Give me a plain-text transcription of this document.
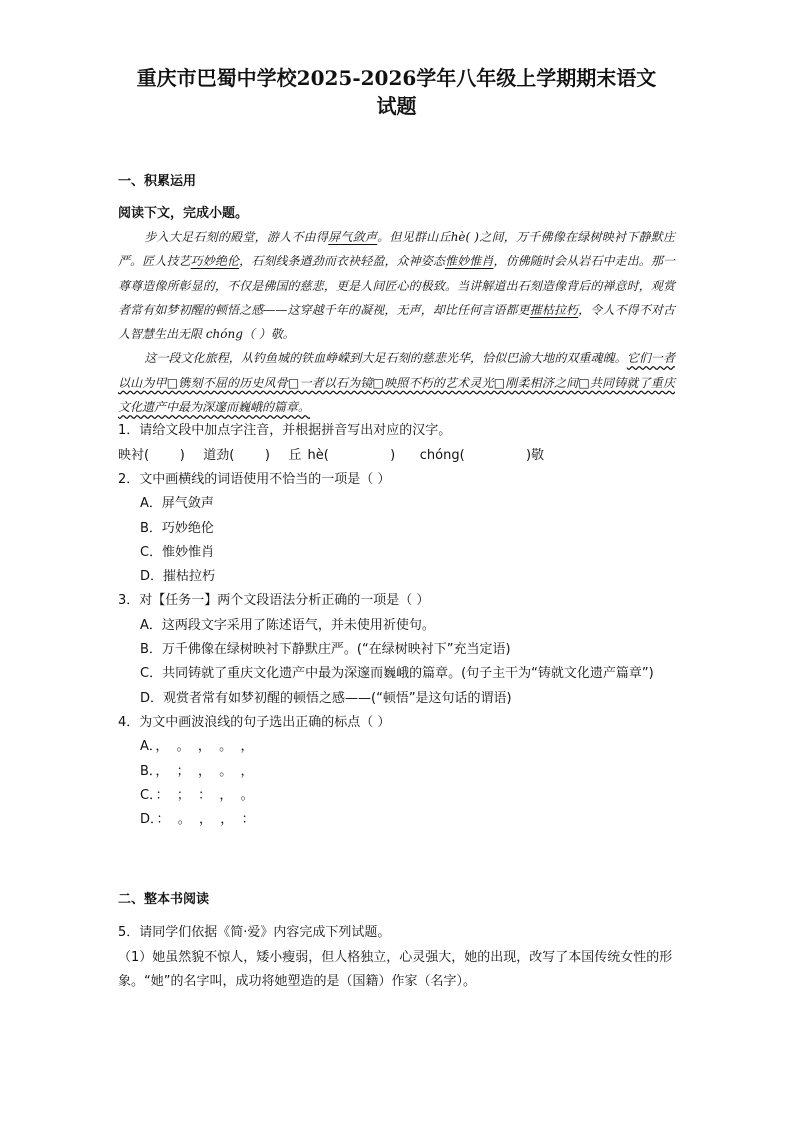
重庆市巴蜀中学校2025-2026学年八年级上学期期末语文试题
一、积累运用
阅读下文，完成小题。

步入大足石刻的殿堂，游人不由得屏气敛声。但见群山丘hè( )之间，万千佛像在绿树映衬下静默庄严。匠人技艺巧妙绝伦，石刻线条遒劲而衣袂轻盈，众神姿态惟妙惟肖，仿佛随时会从岩石中走出。那一尊尊造像所彰显的，不仅是佛国的慈悲，更是人间匠心的极致。当讲解道出石刻造像背后的禅意时，观赏者常有如梦初醒的顿悟之感——这穿越千年的凝视，无声，却比任何言语都更摧枯拉朽，令人不得不对古人智慧生出无限 chóng（ ）敬。

这一段文化旅程，从钓鱼城的铁血峥嵘到大足石刻的慈悲光华，恰似巴渝大地的双重魂魄。它们一者以山为甲□镌刻不屈的历史风骨□一者以石为镜□映照不朽的艺术灵光□刚柔相济之间□共同铸就了重庆文化遗产中最为深邃而巍峨的篇章。

1．请给文段中加点字注音，并根据拼音写出对应的汉字。
映衬(     )   道劲(     )   丘 hè(          )    chóng(          )敬
2．文中画横线的词语使用不恰当的一项是（ ）
A．屏气敛声
B．巧妙绝伦
C．惟妙惟肖
D．摧枯拉朽
3．对【任务一】两个文段语法分析正确的一项是（ ）
A．这两段文字采用了陈述语气，并未使用祈使句。
B．万千佛像在绿树映衬下静默庄严。(“在绿树映衬下”充当定语)
C．共同铸就了重庆文化遗产中最为深邃而巍峨的篇章。(句子主干为“铸就文化遗产篇章”)
D．观赏者常有如梦初醒的顿悟之感——(“顿悟”是这句话的谓语)
4．为文中画波浪线的句子选出正确的标点（ ）
A．，  。  ，  。  ，
B．，  ；  ，  。  ，
C．：  ；  ：  ，  。
D．：  。  ，  ，  ：
二、整本书阅读
5．请同学们依据《简·爱》内容完成下列试题。
（1）她虽然貌不惊人，矮小瘦弱，但人格独立，心灵强大，她的出现，改写了本国传统女性的形象。“她”的名字叫，成功将她塑造的是（国籍）作家（名字）。
